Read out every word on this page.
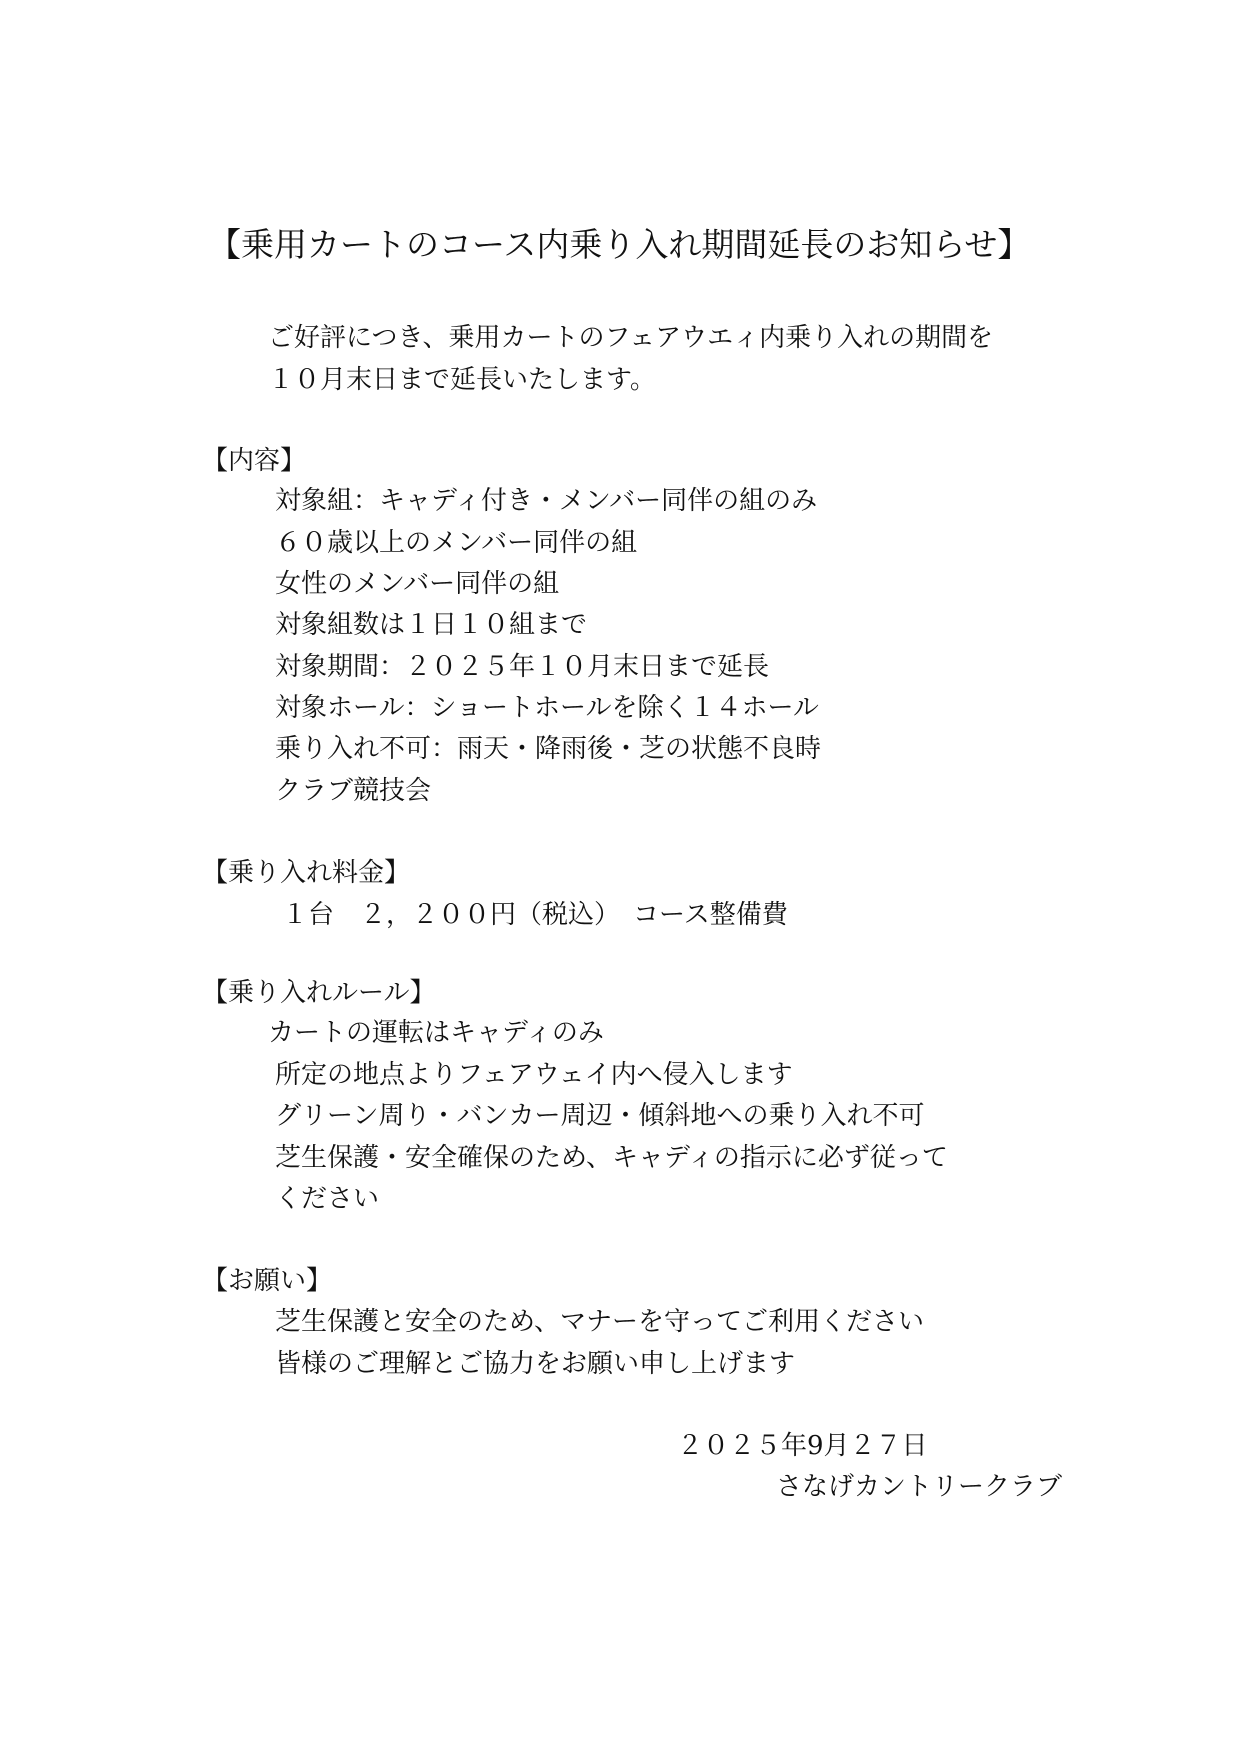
【乗用カートのコース内乗り入れ期間延長のお知らせ】
ご好評につき、乗用カートのフェアウエィ内乗り入れの期間を
１０月末日まで延長いたします。
【内容】
対象組：キャディ付き・メンバー同伴の組のみ
６０歳以上のメンバー同伴の組
女性のメンバー同伴の組
対象組数は１日１０組まで
対象期間：２０２５年１０月末日まで延長
対象ホール：ショートホールを除く１４ホール
乗り入れ不可：雨天・降雨後・芝の状態不良時
クラブ競技会
【乗り入れ料金】
１台　２，２００円（税込）　コース整備費
【乗り入れルール】
カートの運転はキャディのみ
所定の地点よりフェアウェイ内へ侵入します
グリーン周り・バンカー周辺・傾斜地への乗り入れ不可
芝生保護・安全確保のため、キャディの指示に必ず従って
ください
【お願い】
芝生保護と安全のため、マナーを守ってご利用ください
皆様のご理解とご協力をお願い申し上げます
２０２５年9月２７日
さなげカントリークラブ
